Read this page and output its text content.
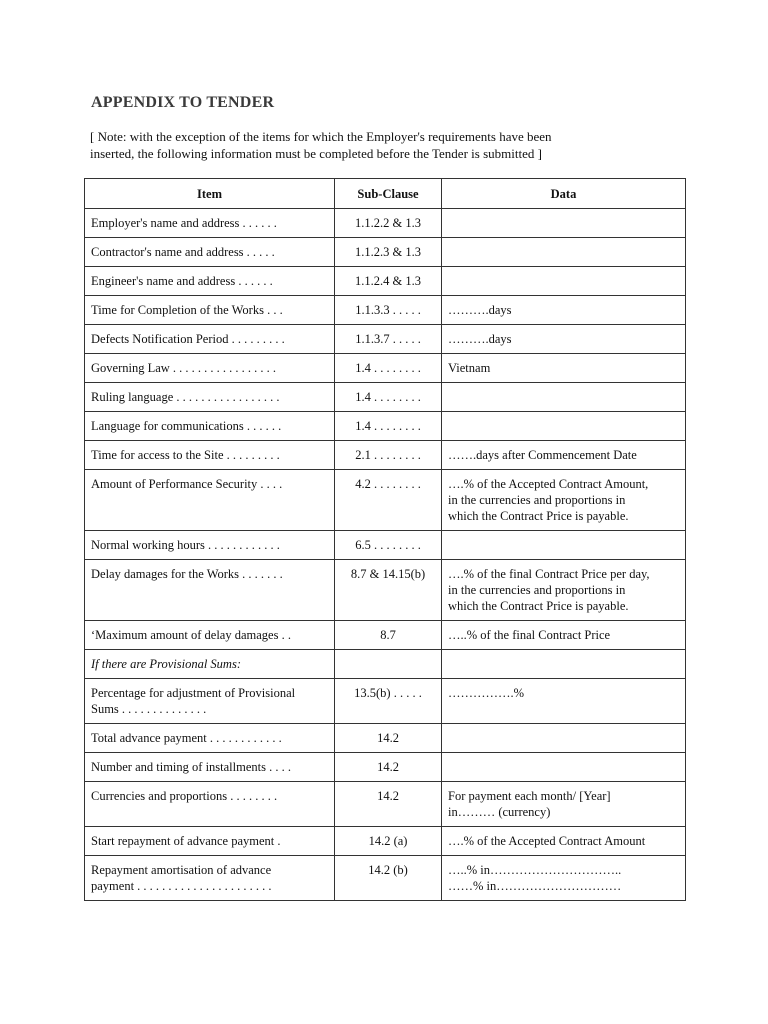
APPENDIX TO TENDER

[ Note: with the exception of the items for which the Employer's requirements have been
inserted, the following information must be completed before the Tender is submitted ]

Item	Sub-Clause	Data

Employer's name and address . . . . . .	1.1.2.2 & 1.3	

Contractor's name and address . . . . .	1.1.2.3 & 1.3	

Engineer's name and address . . . . . .	1.1.2.4 & 1.3	

Time for Completion of the Works . . .	1.1.3.3 . . . . .	……….days

Defects Notification Period . . . . . . . . .	1.1.3.7 . . . . .	……….days

Governing Law . . . . . . . . . . . . . . . . .	1.4 . . . . . . . .	Vietnam

Ruling language . . . . . . . . . . . . . . . . .	1.4 . . . . . . . .	

Language for communications . . . . . .	1.4 . . . . . . . .	

Time for access to the Site . . . . . . . . .	2.1 . . . . . . . .	…….days after Commencement Date

Amount of Performance Security . . . .	4.2 . . . . . . . .	….% of the Accepted Contract Amount,
in the currencies and proportions in
which the Contract Price is payable.

Normal working hours . . . . . . . . . . . .	6.5 . . . . . . . .	

Delay damages for the Works . . . . . . .	8.7 & 14.15(b)	….% of the final Contract Price per day,
in the currencies and proportions in
which the Contract Price is payable.

‘Maximum amount of delay damages . .	8.7	…..% of the final Contract Price

If there are Provisional Sums:		

Percentage for adjustment of Provisional
Sums . . . . . . . . . . . . . .	13.5(b) . . . . .	…………….%

Total advance payment . . . . . . . . . . . .	14.2	

Number and timing of installments . . . .	14.2	

Currencies and proportions . . . . . . . .	14.2	For payment each month/ [Year]
in……… (currency)

Start repayment of advance payment .	14.2 (a)	….% of the Accepted Contract Amount

Repayment amortisation of advance
payment . . . . . . . . . . . . . . . . . . . . . .	14.2 (b)	…..% in…………………………..
……% in…………………………
